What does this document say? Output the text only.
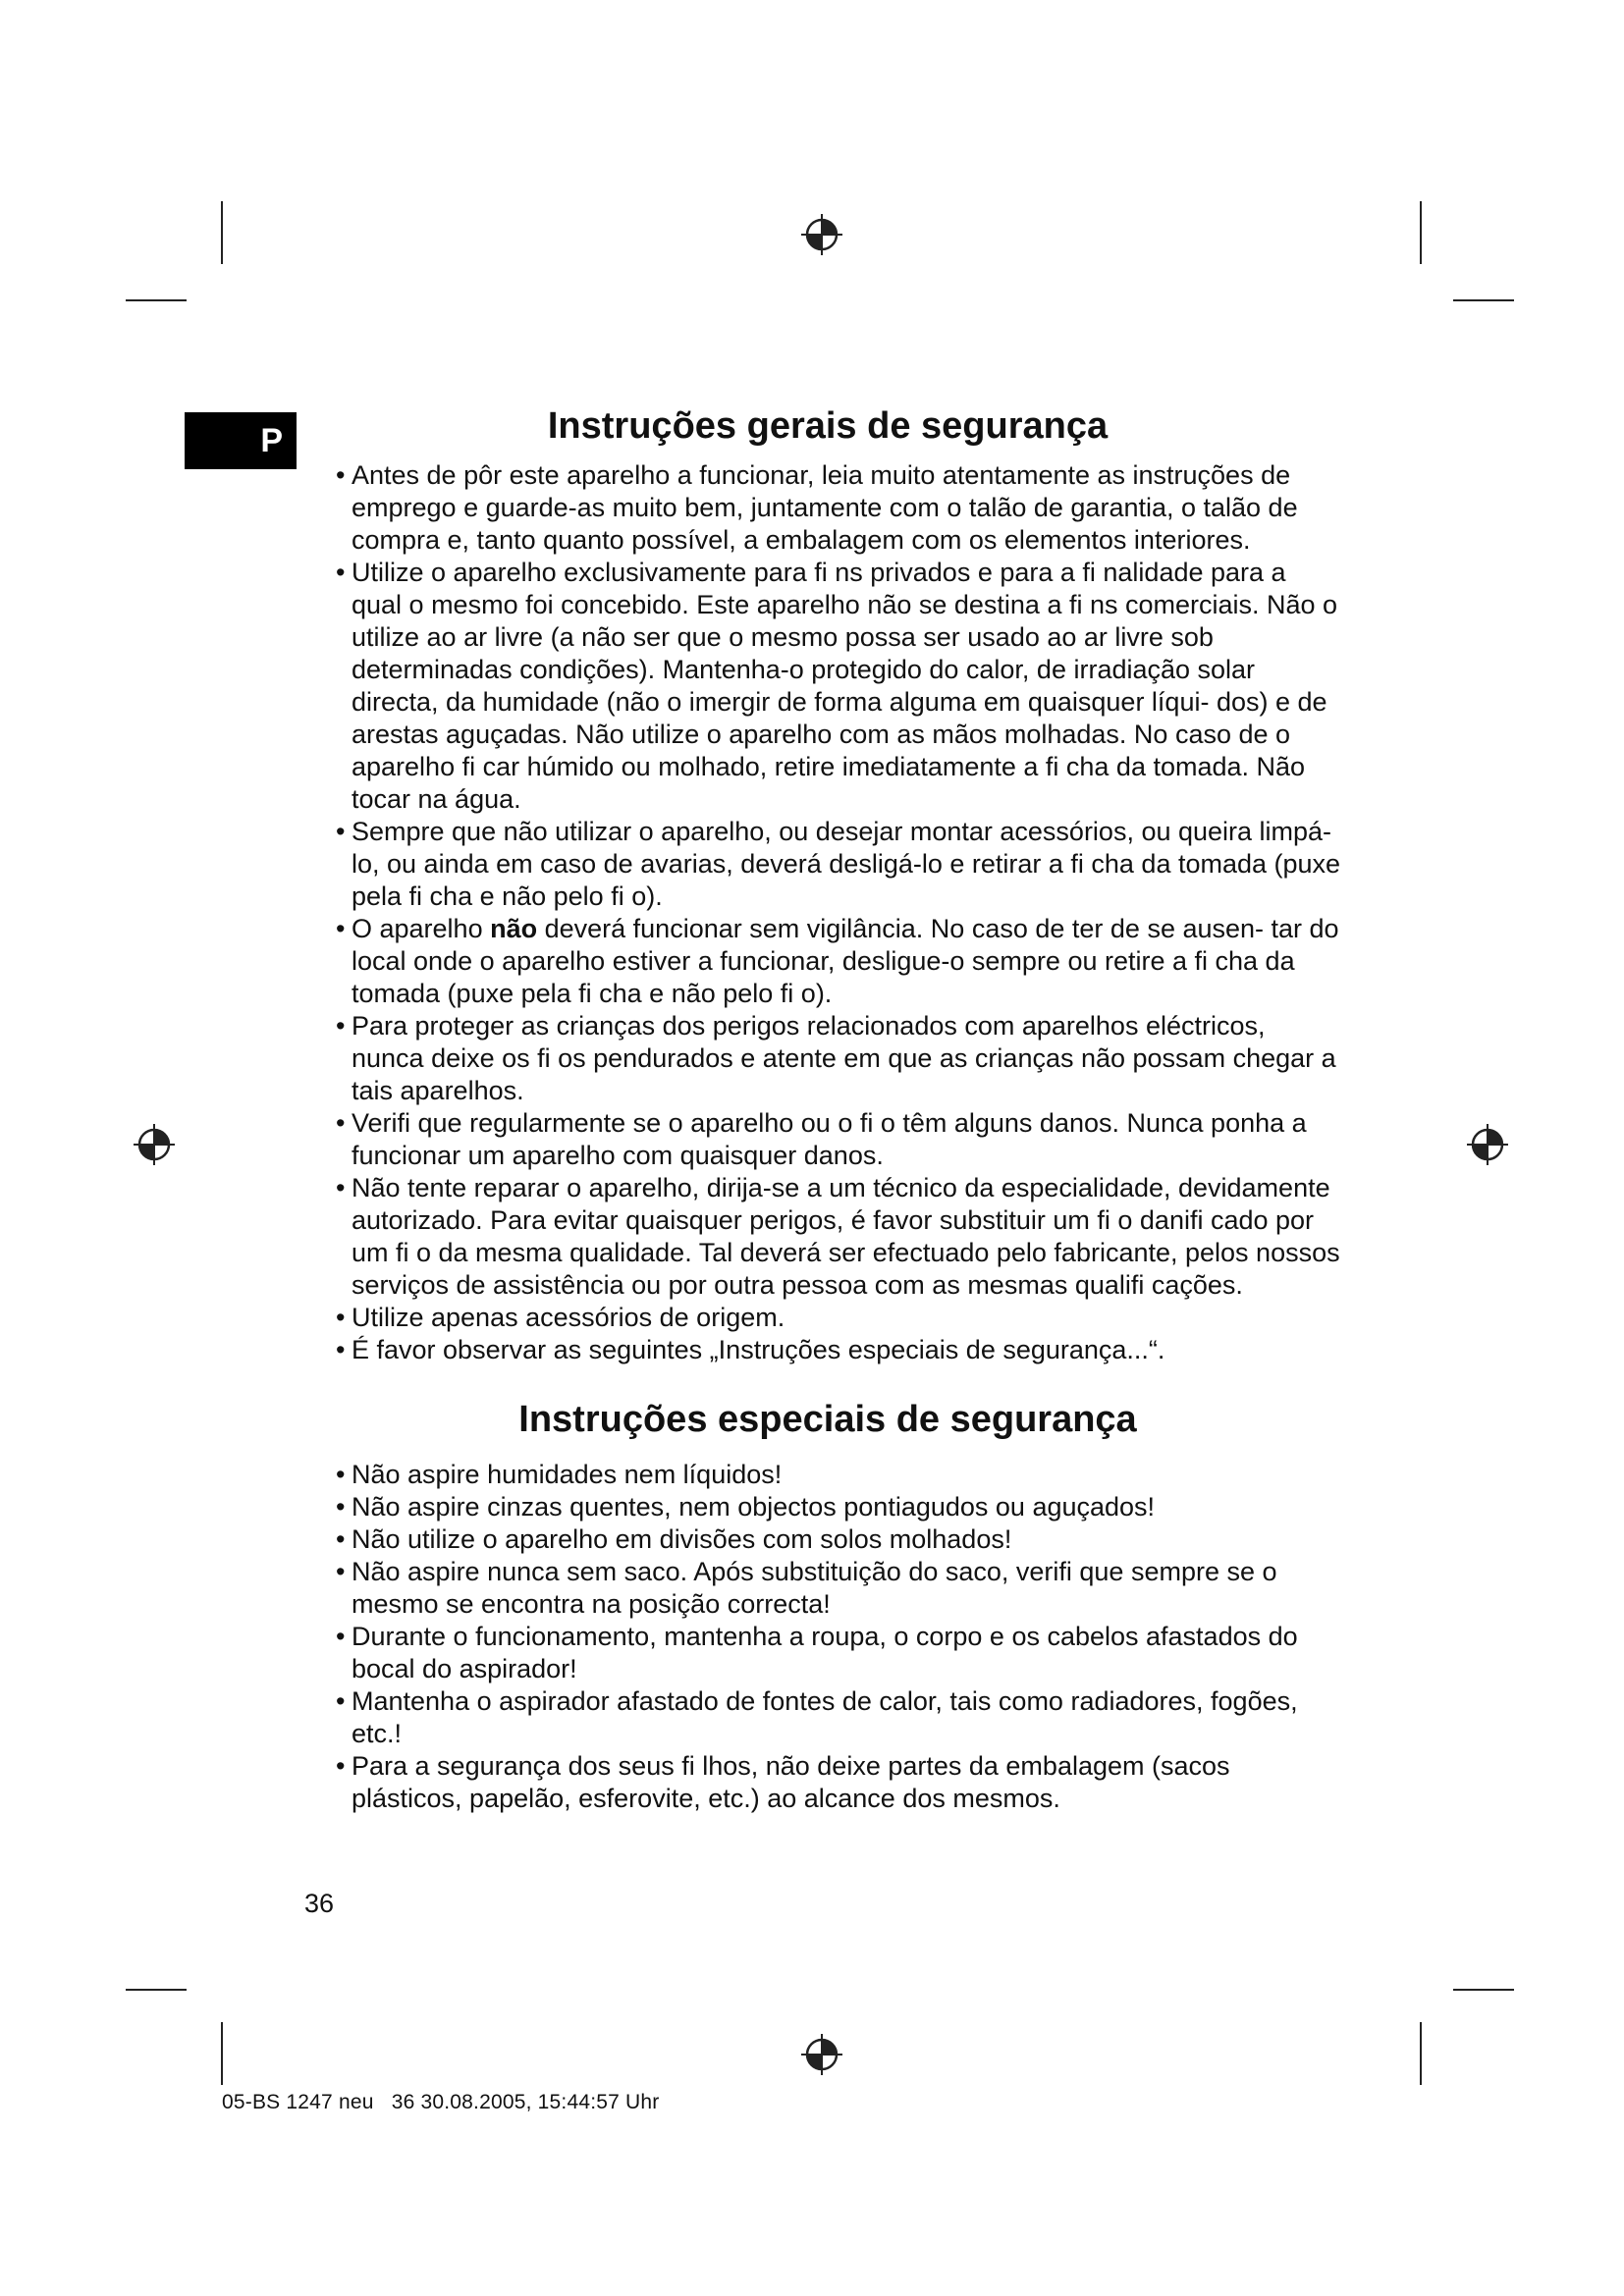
P	Instruções gerais de segurança
• Antes de pôr este aparelho a funcionar, leia muito atentamente as instruções de emprego e guarde-as muito bem, juntamente com o talão de garantia, o talão de compra e, tanto quanto possível, a embalagem com os elementos interiores.
• Utilize o aparelho exclusivamente para fi ns privados e para a fi nalidade para a qual o mesmo foi concebido. Este aparelho não se destina a fi ns comerciais. Não o utilize ao ar livre (a não ser que o mesmo possa ser usado ao ar livre sob determinadas condições). Mantenha-o protegido do calor, de irradiação solar directa, da humidade (não o imergir de forma alguma em quaisquer líqui- dos) e de arestas aguçadas. Não utilize o aparelho com as mãos molhadas. No caso de o aparelho fi car húmido ou molhado, retire imediatamente a fi cha da tomada. Não tocar na água.
• Sempre que não utilizar o aparelho, ou desejar montar acessórios, ou queira limpá-lo, ou ainda em caso de avarias, deverá desligá-lo e retirar a fi cha da tomada (puxe pela fi cha e não pelo fi o).
• O aparelho não deverá funcionar sem vigilância. No caso de ter de se ausen- tar do local onde o aparelho estiver a funcionar, desligue-o sempre ou retire a fi cha da tomada (puxe pela fi cha e não pelo fi o).
• Para proteger as crianças dos perigos relacionados com aparelhos eléctricos, nunca deixe os fi os pendurados e atente em que as crianças não possam chegar a tais aparelhos.
• Verifi que regularmente se o aparelho ou o fi o têm alguns danos. Nunca ponha a funcionar um aparelho com quaisquer danos.
• Não tente reparar o aparelho, dirija-se a um técnico da especialidade, devidamente autorizado. Para evitar quaisquer perigos, é favor substituir um fi o danifi cado por um fi o da mesma qualidade. Tal deverá ser efectuado pelo fabricante, pelos nossos serviços de assistência ou por outra pessoa com as mesmas qualifi cações.
• Utilize apenas acessórios de origem.
• É favor observar as seguintes „Instruções especiais de segurança...“.
Instruções especiais de segurança
• Não aspire humidades nem líquidos!
• Não aspire cinzas quentes, nem objectos pontiagudos ou aguçados!
• Não utilize o aparelho em divisões com solos molhados!
• Não aspire nunca sem saco. Após substituição do saco, verifi que sempre se o mesmo se encontra na posição correcta!
• Durante o funcionamento, mantenha a roupa, o corpo e os cabelos afastados do bocal do aspirador!
• Mantenha o aspirador afastado de fontes de calor, tais como radiadores, fogões, etc.!
• Para a segurança dos seus fi lhos, não deixe partes da embalagem (sacos plásticos, papelão, esferovite, etc.) ao alcance dos mesmos.
36
05-BS 1247 neu   36 30.08.2005, 15:44:57 Uhr
